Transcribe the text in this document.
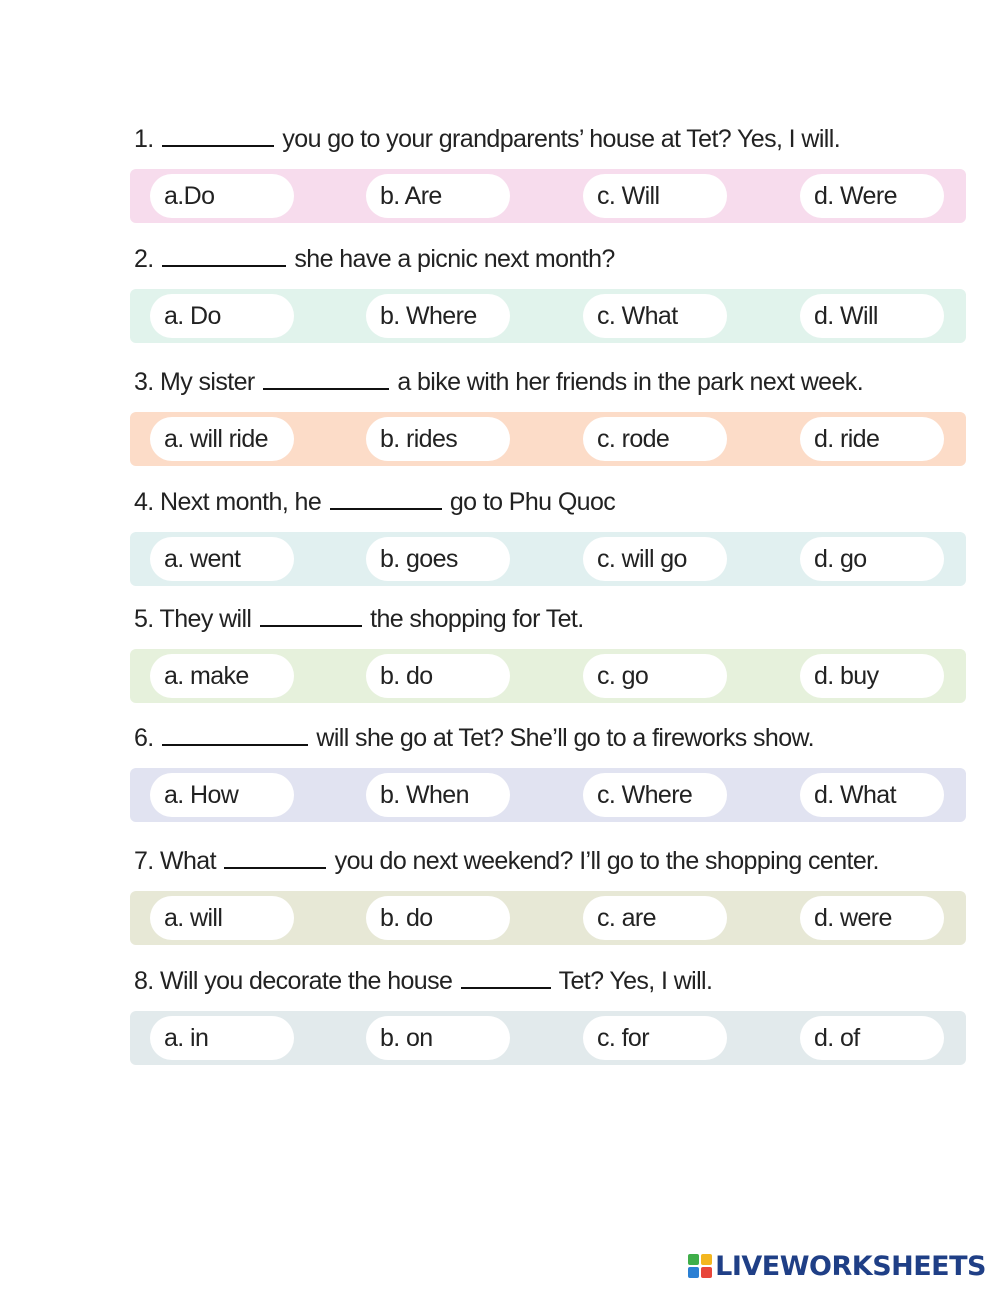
1.	you go to your grandparents’ house at Tet? Yes, I will.
a.Do	b. Are	c. Will	d. Were
2.	she have a picnic next month?
a. Do	b. Where	c. What	d. Will
3. My sister	a bike with her friends in the park next week.
a. will ride	b. rides	c. rode	d. ride
4. Next month, he	go to Phu Quoc
a. went	b. goes	c. will go	d. go
5. They will	the shopping for Tet.
a. make	b. do	c. go	d. buy
6.	will she go at Tet? She’ll go to a fireworks show.
a. How	b. When	c. Where	d. What
7. What	you do next weekend? I’ll go to the shopping center.
a. will	b. do	c. are	d. were
8. Will you decorate the house	Tet? Yes, I will.
a. in	b. on	c. for	d. of
LIVEWORKSHEETS
